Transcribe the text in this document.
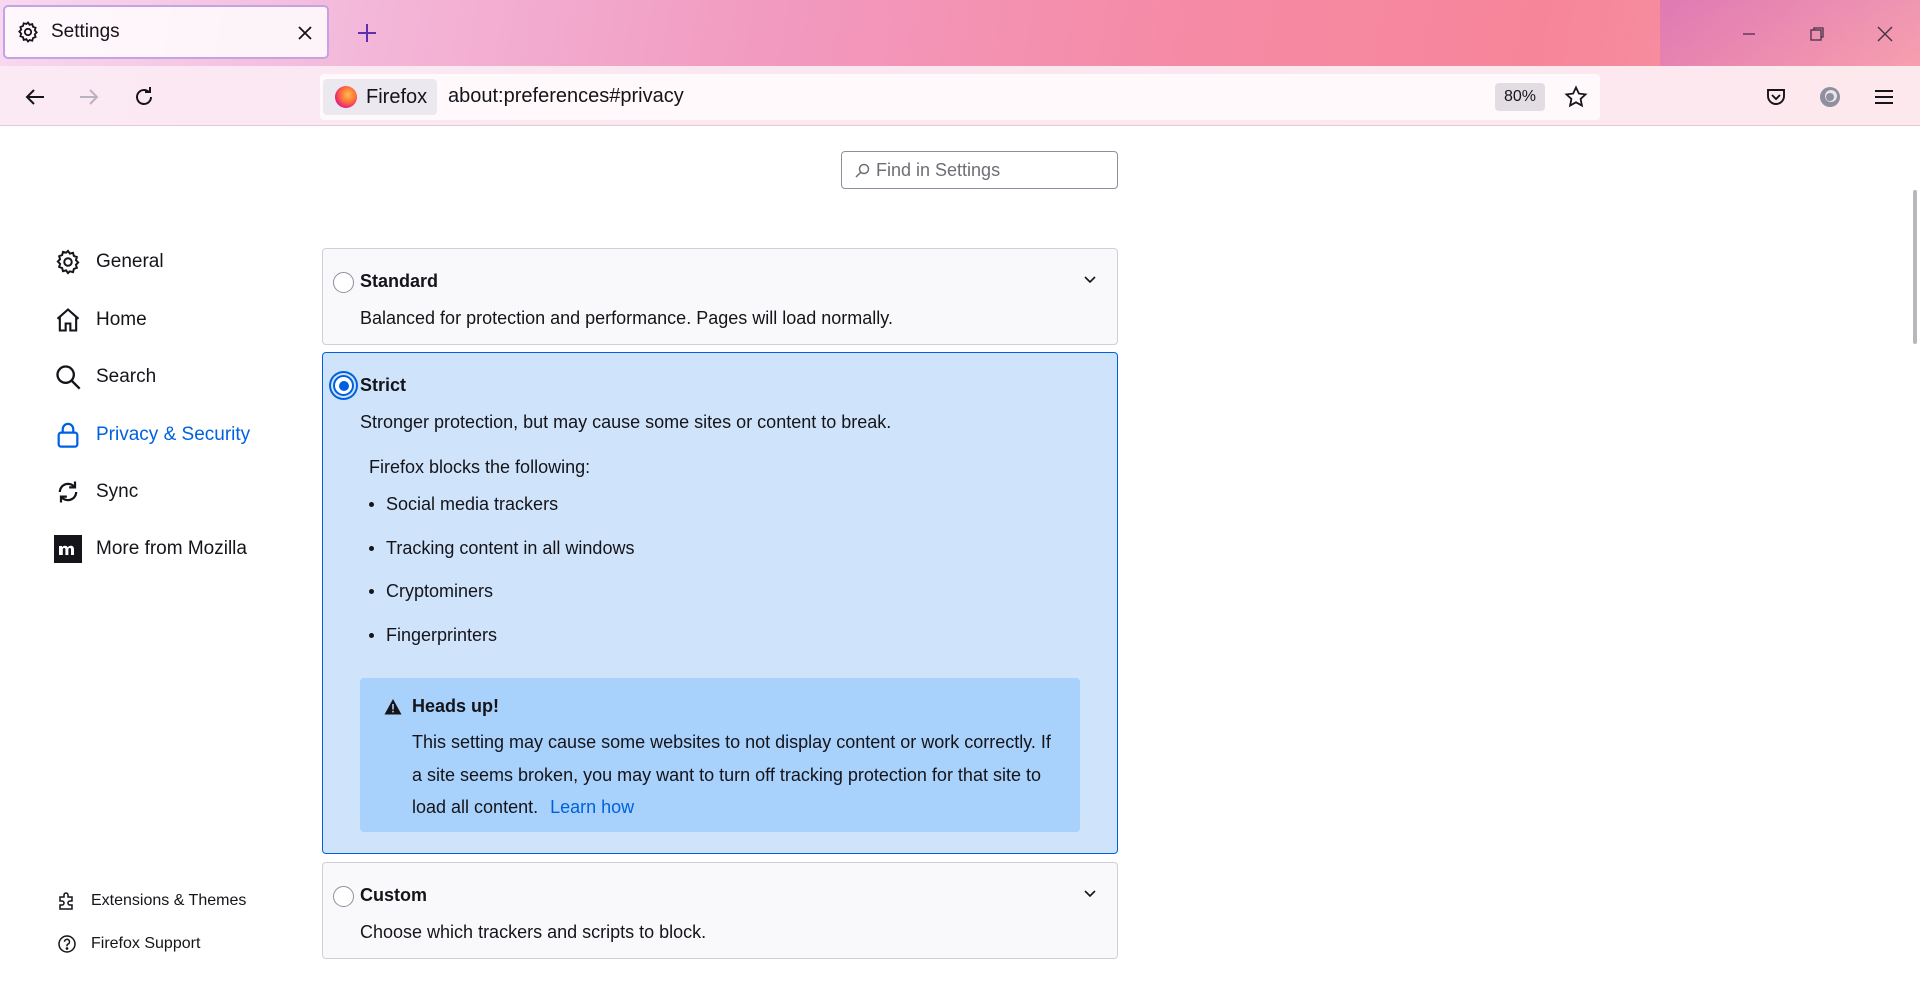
Settings
Firefox about:preferences#privacy	80%
Find in Settings
General
Home
Search
Privacy & Security
Sync
More from Mozilla
Extensions & Themes
Firefox Support
Standard
Balanced for protection and performance. Pages will load normally.
Strict
Stronger protection, but may cause some sites or content to break.
Firefox blocks the following:
Social media trackers
Tracking content in all windows
Cryptominers
Fingerprinters
Heads up!
This setting may cause some websites to not display content or work correctly. If a site seems broken, you may want to turn off tracking protection for that site to load all content. Learn how
Custom
Choose which trackers and scripts to block.
